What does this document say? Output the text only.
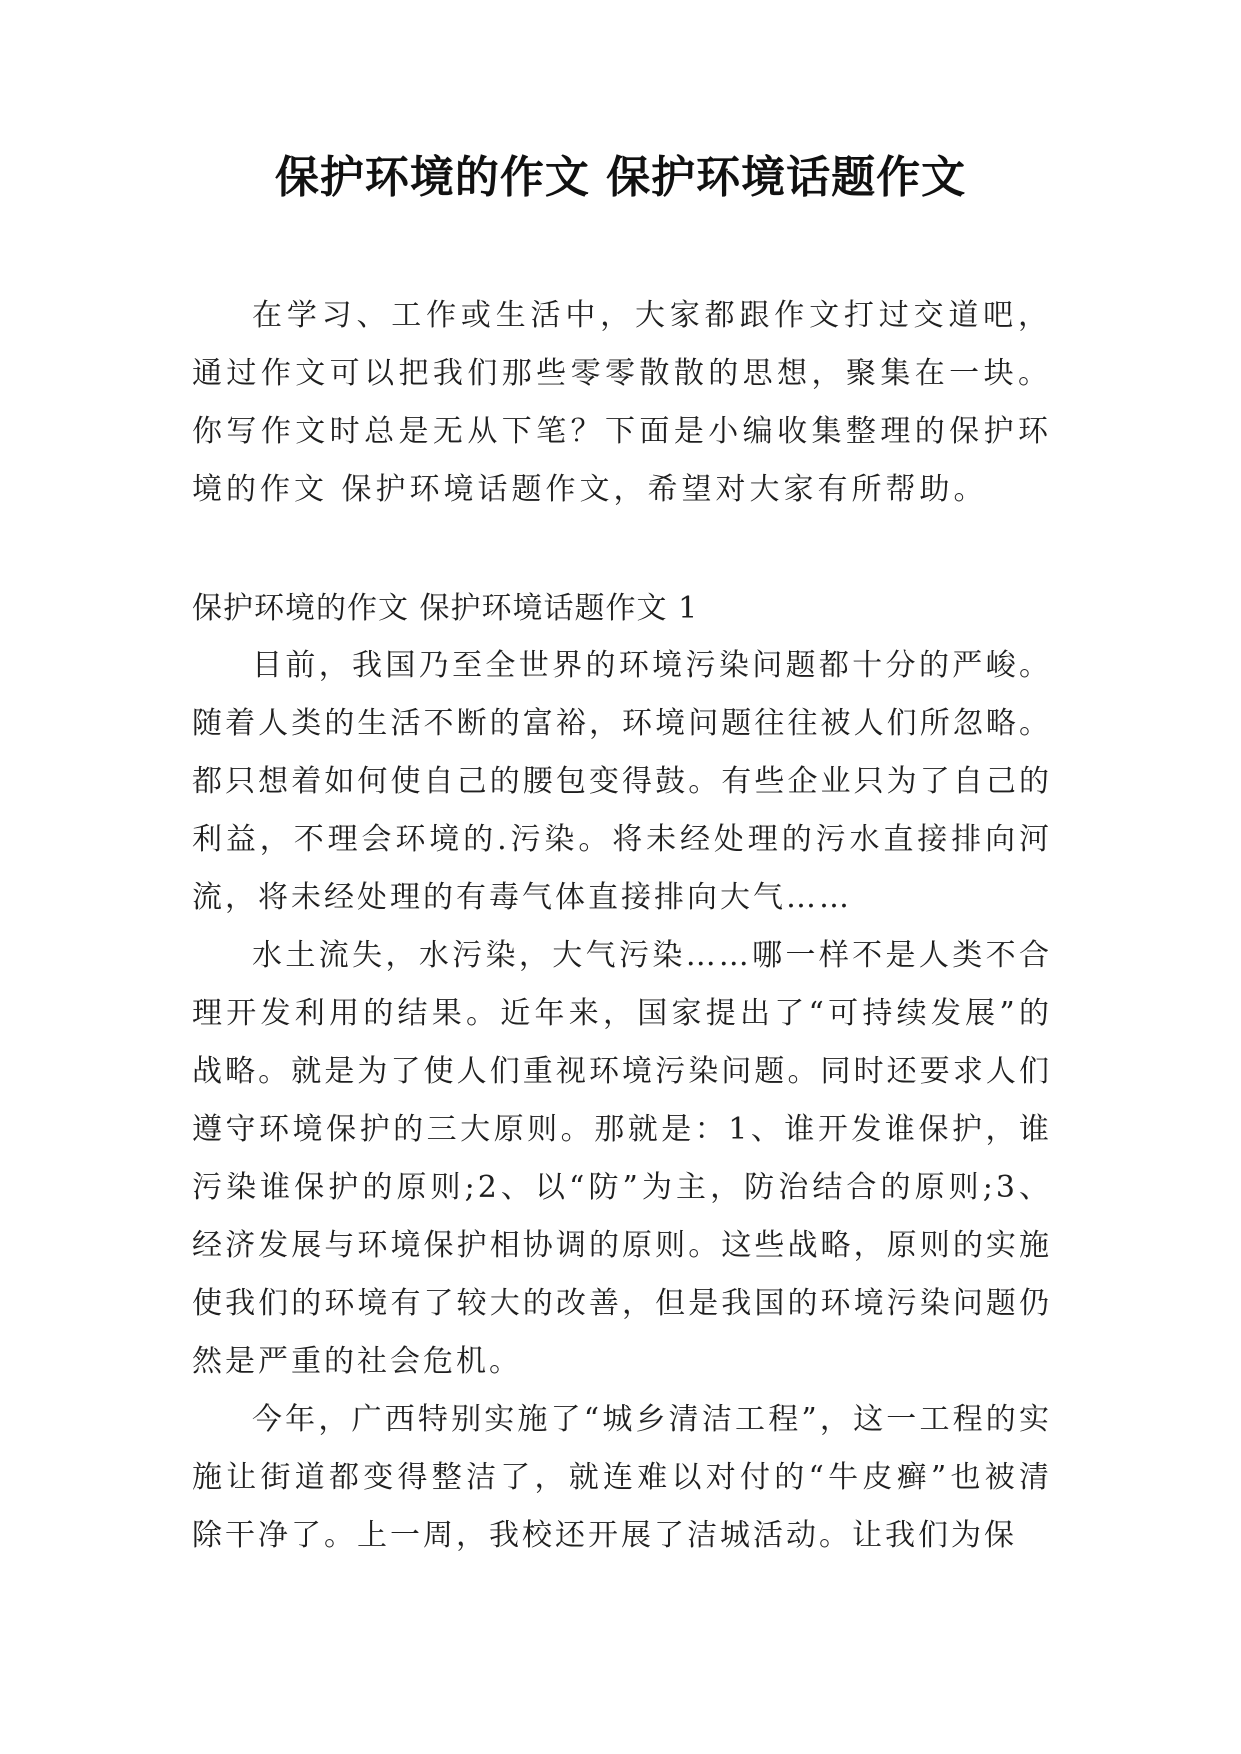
保护环境的作文 保护环境话题作文

在学习、工作或生活中，大家都跟作文打过交道吧，通过作文可以把我们那些零零散散的思想，聚集在一块。你写作文时总是无从下笔？下面是小编收集整理的保护环境的作文 保护环境话题作文，希望对大家有所帮助。

保护环境的作文 保护环境话题作文 1

目前，我国乃至全世界的环境污染问题都十分的严峻。随着人类的生活不断的富裕，环境问题往往被人们所忽略。都只想着如何使自己的腰包变得鼓。有些企业只为了自己的利益，不理会环境的.污染。将未经处理的污水直接排向河流，将未经处理的有毒气体直接排向大气……

水土流失，水污染，大气污染……哪一样不是人类不合理开发利用的结果。近年来，国家提出了“可持续发展”的战略。就是为了使人们重视环境污染问题。同时还要求人们遵守环境保护的三大原则。那就是：1、谁开发谁保护，谁污染谁保护的原则;2、以“防”为主，防治结合的原则;3、经济发展与环境保护相协调的原则。这些战略，原则的实施使我们的环境有了较大的改善，但是我国的环境污染问题仍然是严重的社会危机。

今年，广西特别实施了“城乡清洁工程”，这一工程的实施让街道都变得整洁了，就连难以对付的“牛皮癣”也被清除干净了。上一周，我校还开展了洁城活动。让我们为保
